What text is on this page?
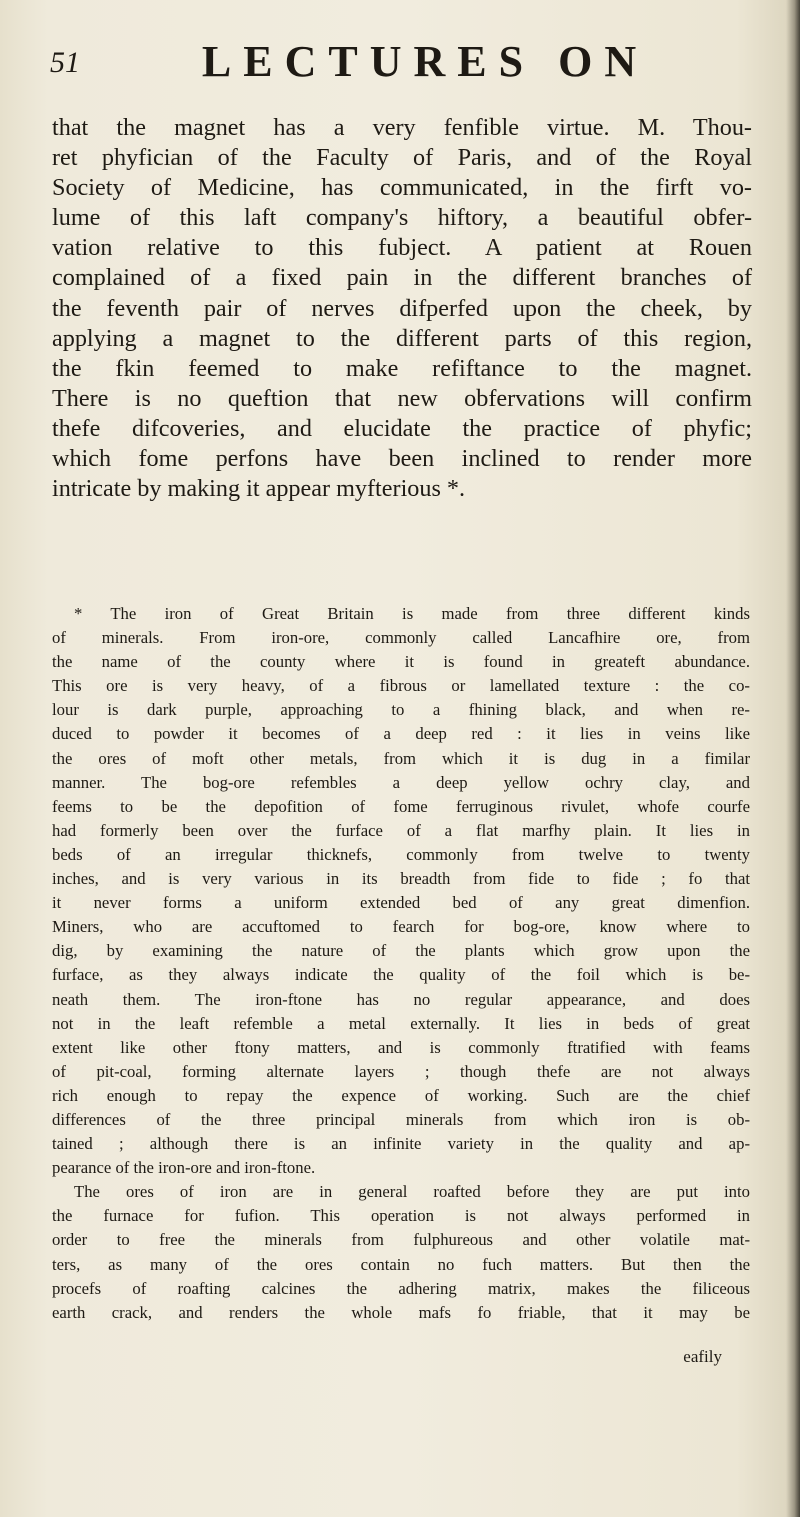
51	LECTURES ON
that the magnet has a very fenfible virtue. M. Thou-
ret phyfician of the Faculty of Paris, and of the Royal
Society of Medicine, has communicated, in the firft vo-
lume of this laft company's hiftory, a beautiful obfer-
vation relative to this fubject. A patient at Rouen
complained of a fixed pain in the different branches of
the feventh pair of nerves difperfed upon the cheek, by
applying a magnet to the different parts of this region,
the fkin feemed to make refiftance to the magnet.
There is no queftion that new obfervations will confirm
thefe difcoveries, and elucidate the practice of phyfic;
which fome perfons have been inclined to render more
intricate by making it appear myfterious *.
* The iron of Great Britain is made from three different kinds
of minerals. From iron-ore, commonly called Lancafhire ore, from
the name of the county where it is found in greateft abundance.
This ore is very heavy, of a fibrous or lamellated texture : the co-
lour is dark purple, approaching to a fhining black, and when re-
duced to powder it becomes of a deep red : it lies in veins like
the ores of moft other metals, from which it is dug in a fimilar
manner. The bog-ore refembles a deep yellow ochry clay, and
feems to be the depofition of fome ferruginous rivulet, whofe courfe
had formerly been over the furface of a flat marfhy plain. It lies in
beds of an irregular thicknefs, commonly from twelve to twenty
inches, and is very various in its breadth from fide to fide ; fo that
it never forms a uniform extended bed of any great dimenfion.
Miners, who are accuftomed to fearch for bog-ore, know where to
dig, by examining the nature of the plants which grow upon the
furface, as they always indicate the quality of the foil which is be-
neath them. The iron-ftone has no regular appearance, and does
not in the leaft refemble a metal externally. It lies in beds of great
extent like other ftony matters, and is commonly ftratified with feams
of pit-coal, forming alternate layers ; though thefe are not always
rich enough to repay the expence of working. Such are the chief
differences of the three principal minerals from which iron is ob-
tained ; although there is an infinite variety in the quality and ap-
pearance of the iron-ore and iron-ftone.
The ores of iron are in general roafted before they are put into
the furnace for fufion. This operation is not always performed in
order to free the minerals from fulphureous and other volatile mat-
ters, as many of the ores contain no fuch matters. But then the
procefs of roafting calcines the adhering matrix, makes the filiceous
earth crack, and renders the whole mafs fo friable, that it may be
eafily
